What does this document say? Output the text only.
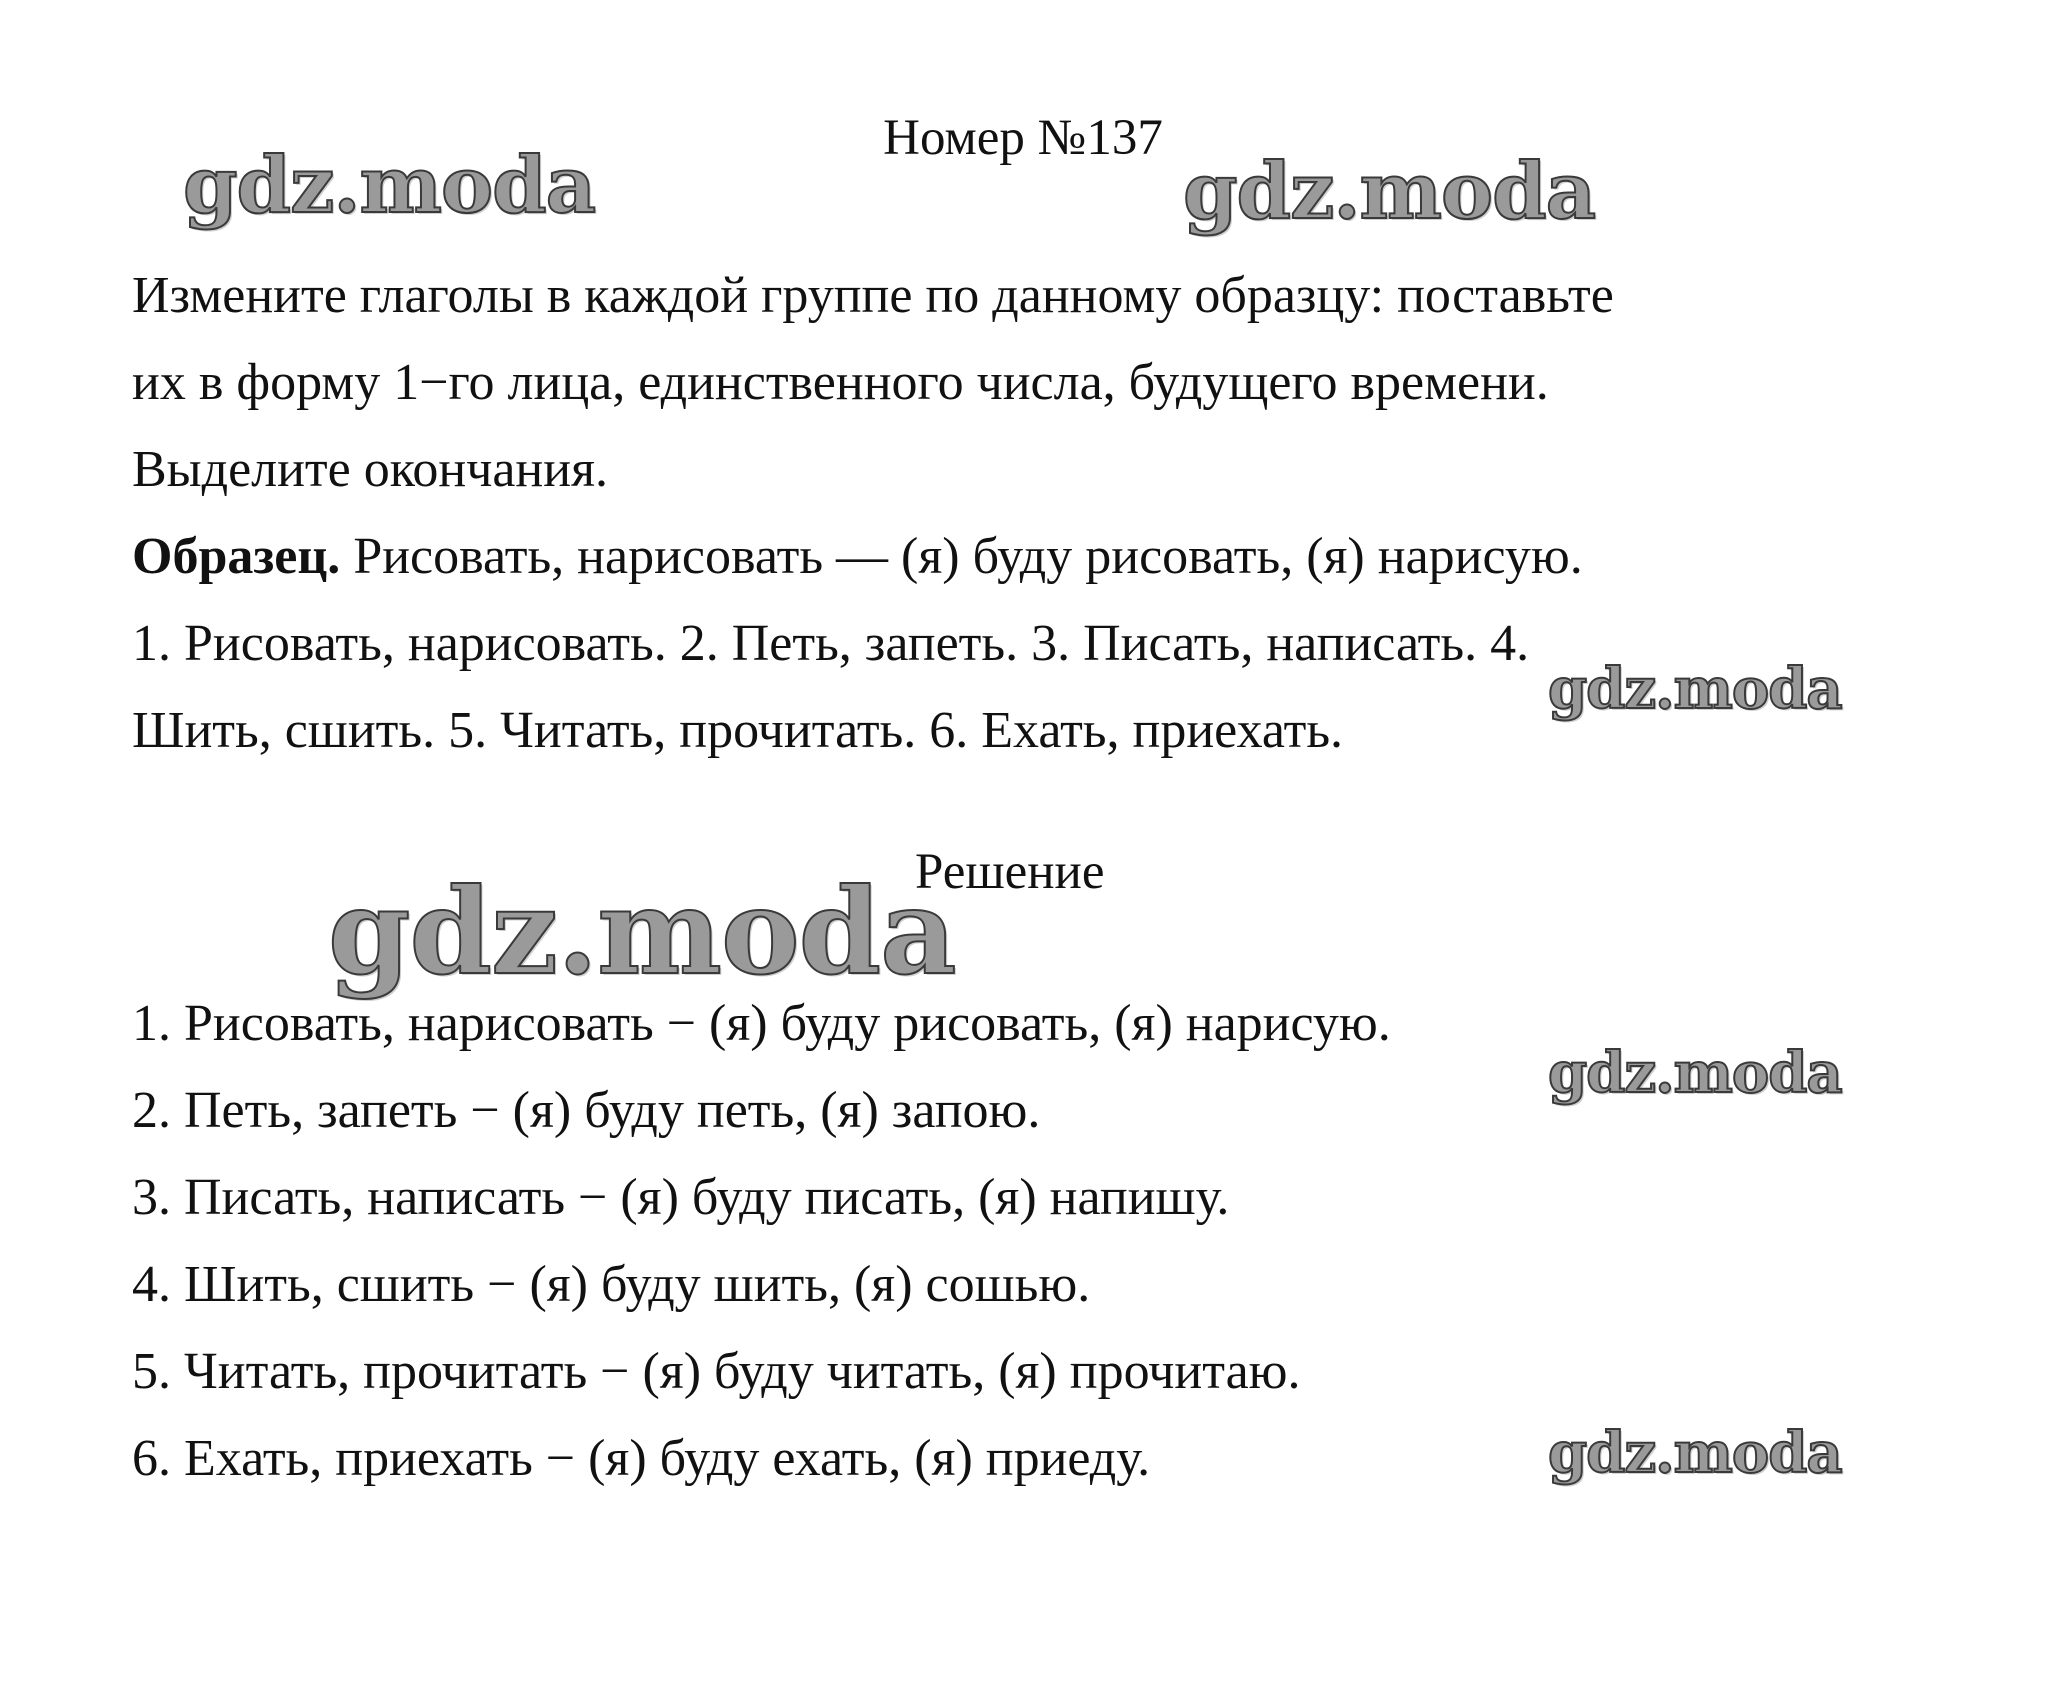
Номер №137
gdz.moda	gdz.moda

Измените глаголы в каждой группе по данному образцу: поставьте

их в форму 1−го лица, единственного числа, будущего времени.

Выделите окончания.

Образец. Рисовать, нарисовать — (я) буду рисовать, (я) нарисую.

1. Рисовать, нарисовать. 2. Петь, запеть. 3. Писать, написать. 4.

Шить, сшить. 5. Читать, прочитать. 6. Ехать, приехать.

gdz.moda
Решение
gdz.moda

1. Рисовать, нарисовать − (я) буду рисовать, (я) нарисую.

2. Петь, запеть − (я) буду петь, (я) запою.

3. Писать, написать − (я) буду писать, (я) напишу.

4. Шить, сшить − (я) буду шить, (я) сошью.

5. Читать, прочитать − (я) буду читать, (я) прочитаю.

6. Ехать, приехать − (я) буду ехать, (я) приеду.

gdz.moda
gdz.moda
